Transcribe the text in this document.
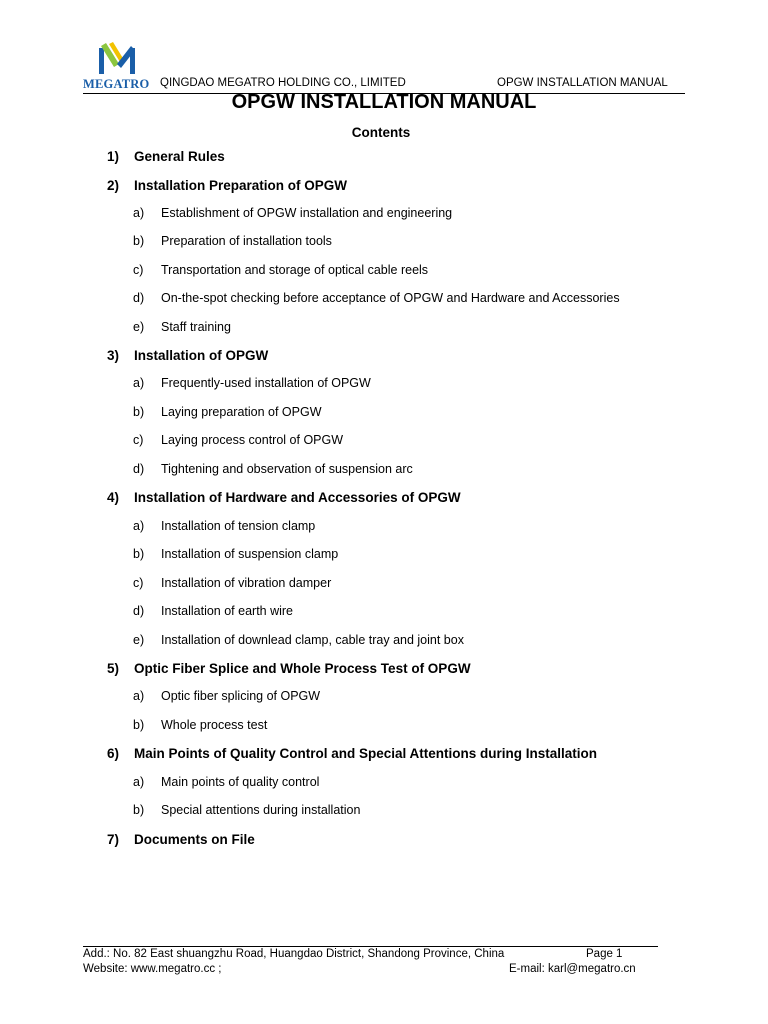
MEGATRO QINGDAO MEGATRO HOLDING CO., LIMITED	OPGW INSTALLATION MANUAL
OPGW INSTALLATION MANUAL
Contents
1) General Rules
2) Installation Preparation of OPGW
a) Establishment of OPGW installation and engineering
b) Preparation of installation tools
c) Transportation and storage of optical cable reels
d) On-the-spot checking before acceptance of OPGW and Hardware and Accessories
e) Staff training
3) Installation of OPGW
a) Frequently-used installation of OPGW
b) Laying preparation of OPGW
c) Laying process control of OPGW
d) Tightening and observation of suspension arc
4) Installation of Hardware and Accessories of OPGW
a) Installation of tension clamp
b) Installation of suspension clamp
c) Installation of vibration damper
d) Installation of earth wire
e) Installation of downlead clamp, cable tray and joint box
5) Optic Fiber Splice and Whole Process Test of OPGW
a) Optic fiber splicing of OPGW
b) Whole process test
6) Main Points of Quality Control and Special Attentions during Installation
a) Main points of quality control
b) Special attentions during installation
7) Documents on File
Add.: No. 82 East shuangzhu Road, Huangdao District, Shandong Province, China	Page 1
Website: www.megatro.cc ;	E-mail: karl@megatro.cn
